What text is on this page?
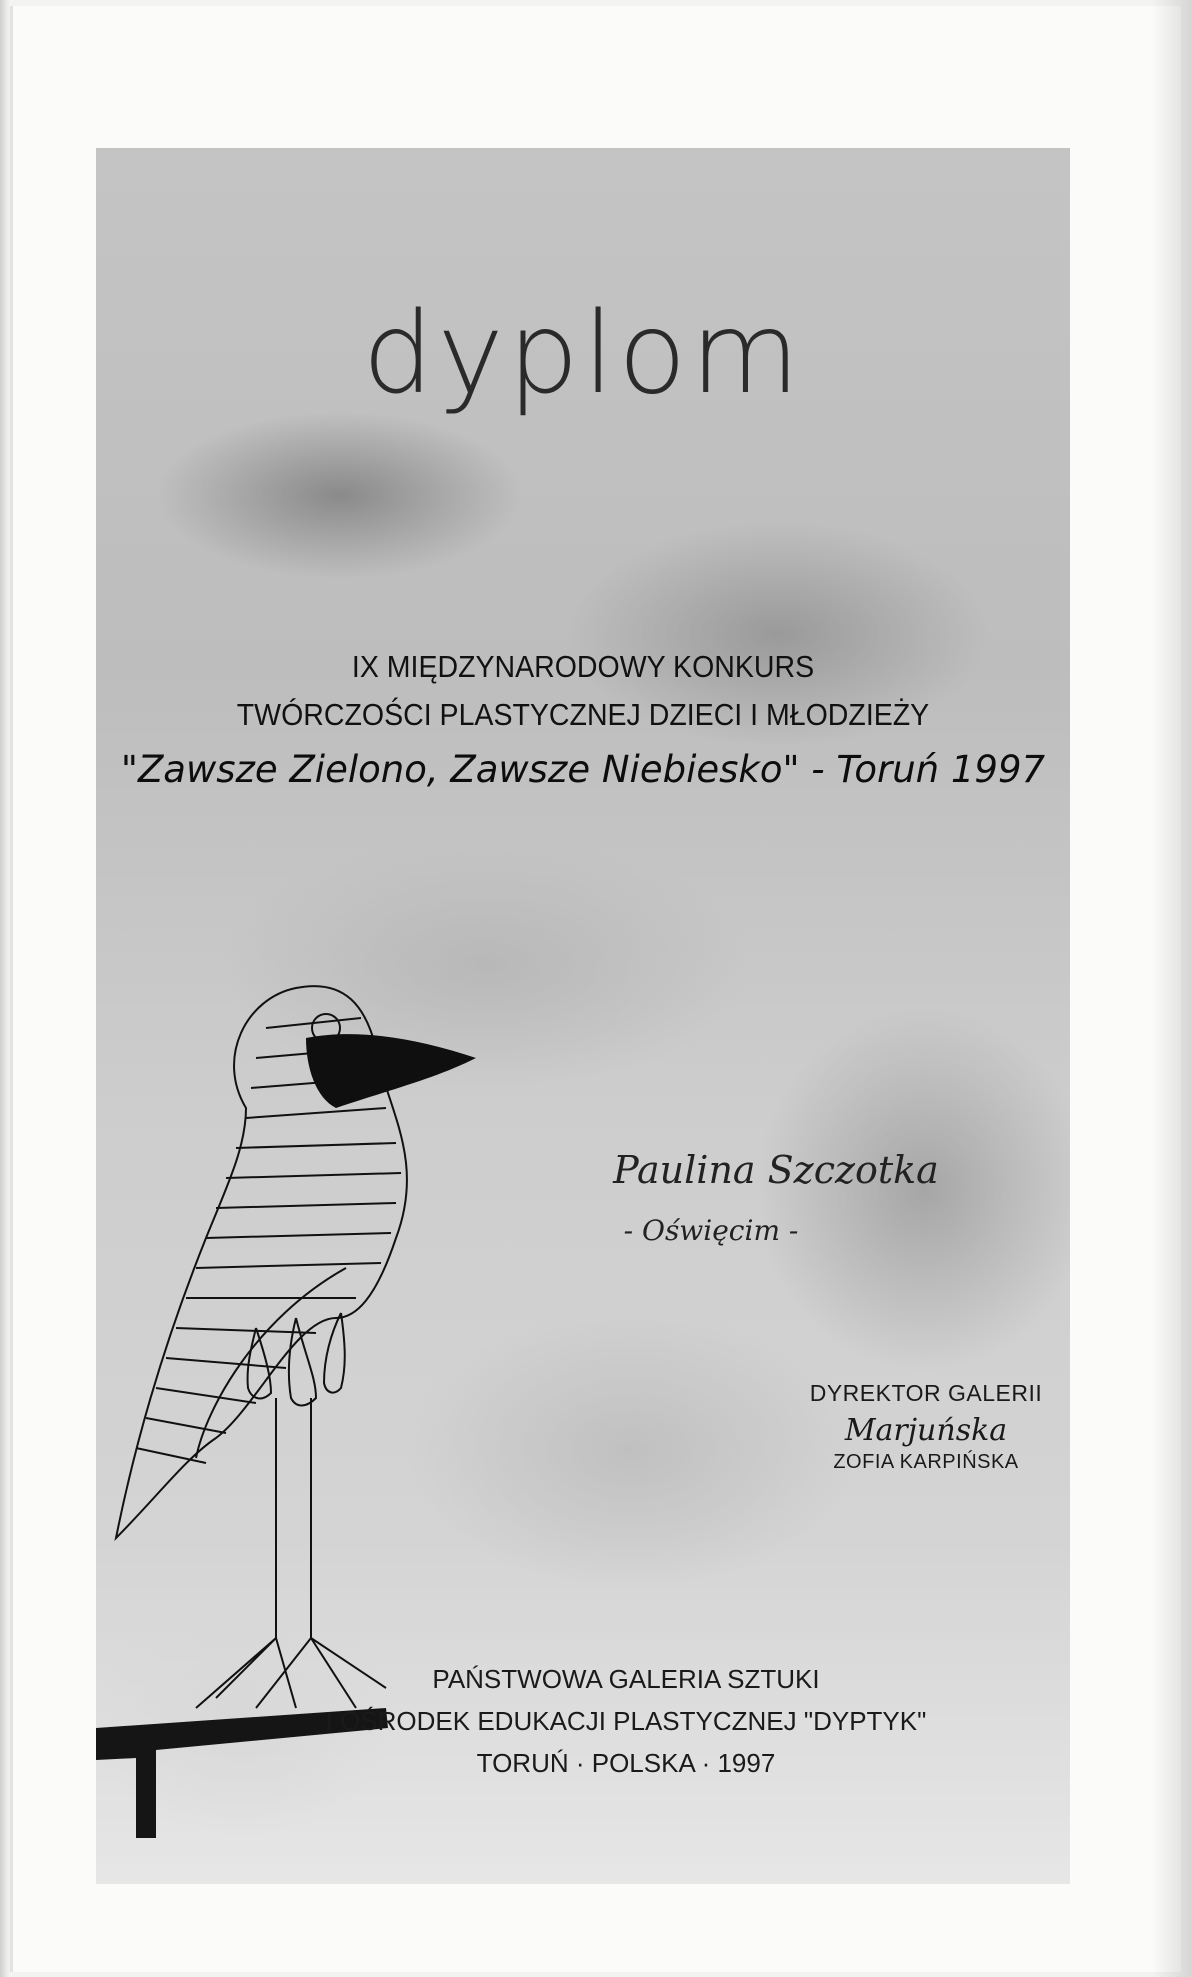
dyplom
IX MIĘDZYNARODOWY KONKURS
TWÓRCZOŚCI PLASTYCZNEJ DZIECI I MŁODZIEŻY
"Zawsze Zielono, Zawsze Niebiesko" - Toruń 1997
Paulina Szczotka
- Oświęcim -
DYREKTOR GALERII
Marjuńska
ZOFIA KARPIŃSKA
PAŃSTWOWA GALERIA SZTUKI
I OŚRODEK EDUKACJI PLASTYCZNEJ "DYPTYK"
TORUŃ · POLSKA · 1997
